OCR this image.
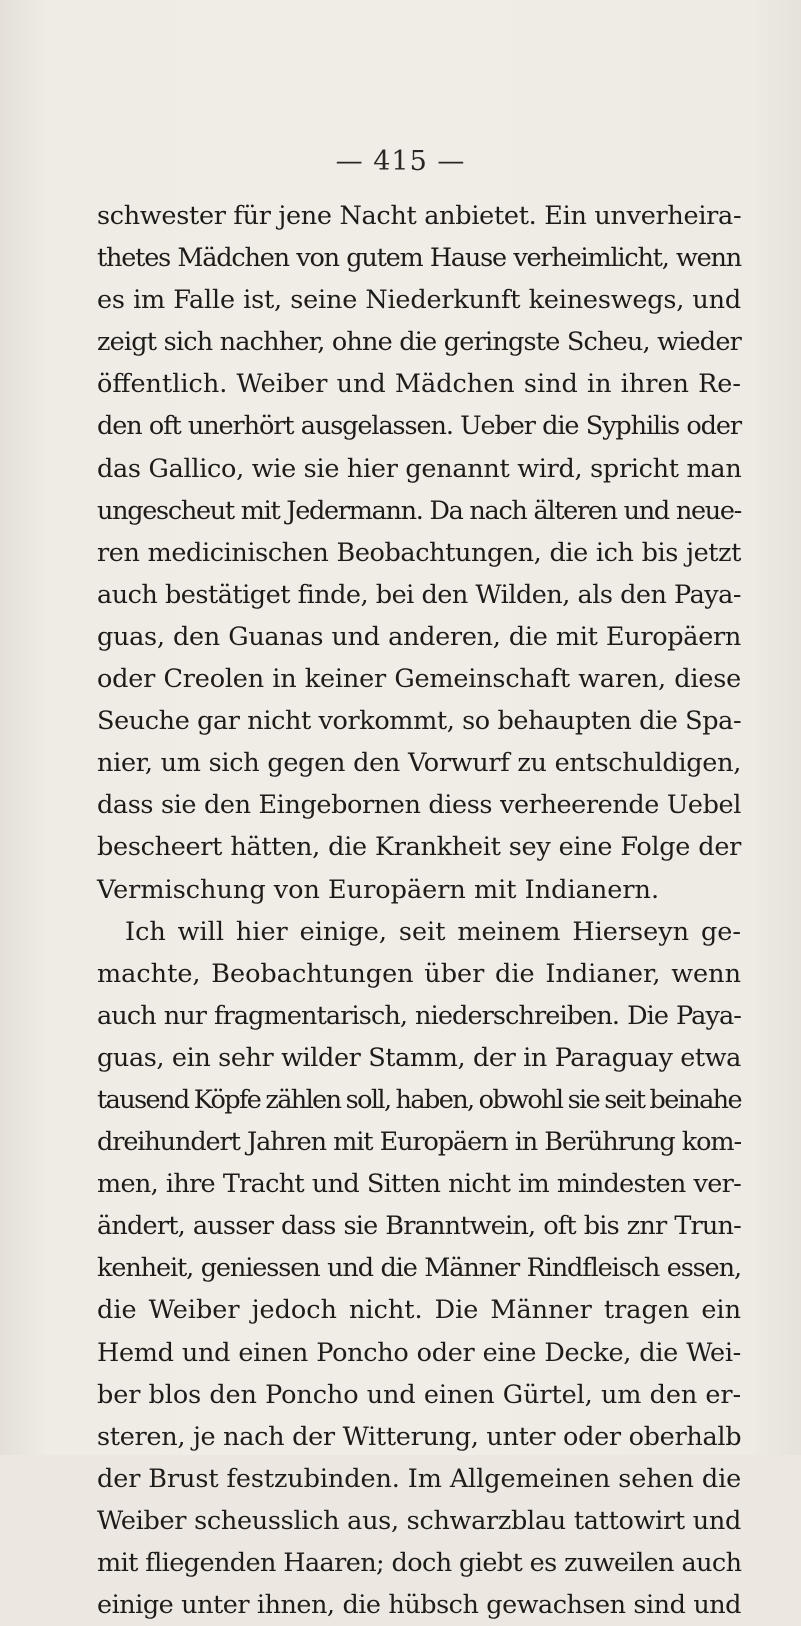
— 415 —
schwester für jene Nacht anbietet. Ein unverheira-
thetes Mädchen von gutem Hause verheimlicht, wenn
es im Falle ist, seine Niederkunft keineswegs, und
zeigt sich nachher, ohne die geringste Scheu, wieder
öffentlich. Weiber und Mädchen sind in ihren Re-
den oft unerhört ausgelassen. Ueber die Syphilis oder
das Gallico, wie sie hier genannt wird, spricht man
ungescheut mit Jedermann. Da nach älteren und neue-
ren medicinischen Beobachtungen, die ich bis jetzt
auch bestätiget finde, bei den Wilden, als den Paya-
guas, den Guanas und anderen, die mit Europäern
oder Creolen in keiner Gemeinschaft waren, diese
Seuche gar nicht vorkommt, so behaupten die Spa-
nier, um sich gegen den Vorwurf zu entschuldigen,
dass sie den Eingebornen diess verheerende Uebel
bescheert hätten, die Krankheit sey eine Folge der
Vermischung von Europäern mit Indianern.
Ich will hier einige, seit meinem Hierseyn ge-
machte, Beobachtungen über die Indianer, wenn
auch nur fragmentarisch, niederschreiben. Die Paya-
guas, ein sehr wilder Stamm, der in Paraguay etwa
tausend Köpfe zählen soll, haben, obwohl sie seit beinahe
dreihundert Jahren mit Europäern in Berührung kom-
men, ihre Tracht und Sitten nicht im mindesten ver-
ändert, ausser dass sie Branntwein, oft bis znr Trun-
kenheit, geniessen und die Männer Rindfleisch essen,
die Weiber jedoch nicht. Die Männer tragen ein
Hemd und einen Poncho oder eine Decke, die Wei-
ber blos den Poncho und einen Gürtel, um den er-
steren, je nach der Witterung, unter oder oberhalb
der Brust festzubinden. Im Allgemeinen sehen die
Weiber scheusslich aus, schwarzblau tattowirt und
mit fliegenden Haaren; doch giebt es zuweilen auch
einige unter ihnen, die hübsch gewachsen sind und
